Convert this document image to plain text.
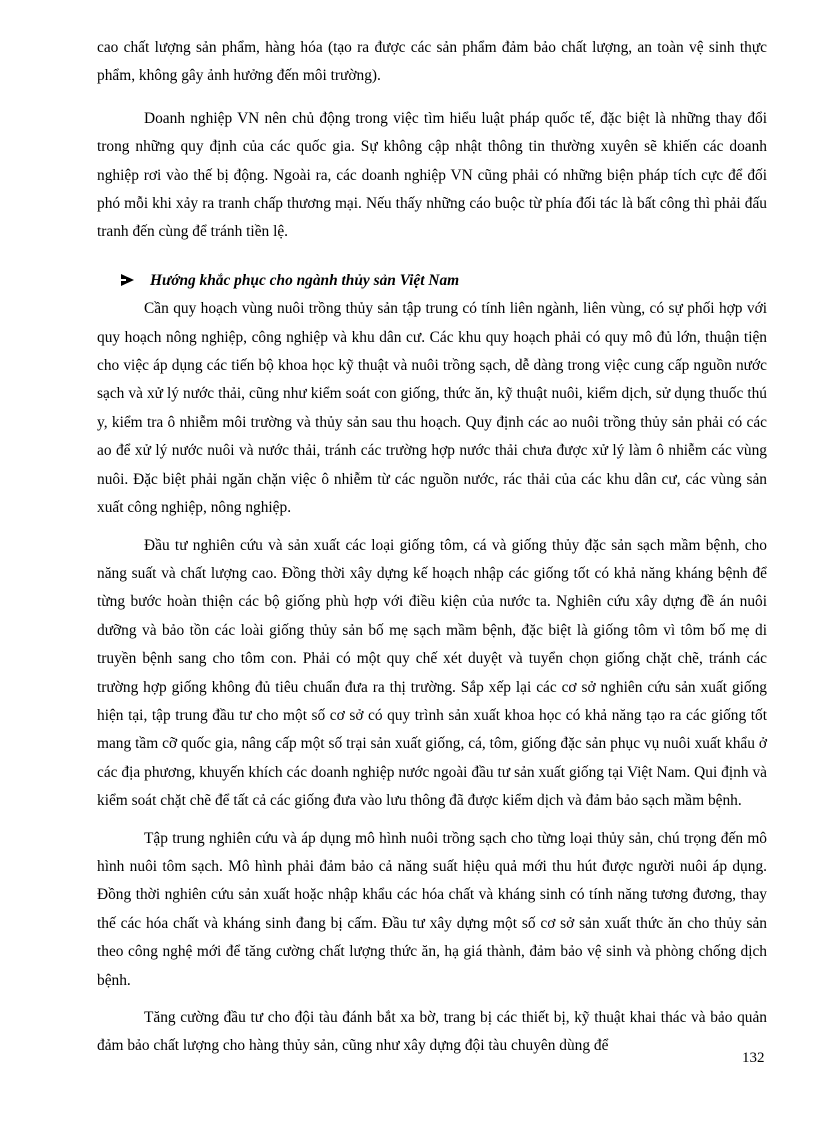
cao chất lượng sản phẩm, hàng hóa (tạo ra được các sản phẩm đảm bảo chất lượng, an toàn vệ sinh thực phẩm, không gây ảnh hưởng đến môi trường).

Doanh nghiệp VN nên chủ động trong việc tìm hiểu luật pháp quốc tế, đặc biệt là những thay đổi trong những quy định của các quốc gia. Sự không cập nhật thông tin thường xuyên sẽ khiến các doanh nghiệp rơi vào thế bị động. Ngoài ra, các doanh nghiệp VN cũng phải có những biện pháp tích cực để đối phó mỗi khi xảy ra tranh chấp thương mại. Nếu thấy những cáo buộc từ phía đối tác là bất công thì phải đấu tranh đến cùng để tránh tiền lệ.

Hướng khắc phục cho ngành thủy sản Việt Nam

Cần quy hoạch vùng nuôi trồng thủy sản tập trung có tính liên ngành, liên vùng, có sự phối hợp với quy hoạch nông nghiệp, công nghiệp và khu dân cư. Các khu quy hoạch phải có quy mô đủ lớn, thuận tiện cho việc áp dụng các tiến bộ khoa học kỹ thuật và nuôi trồng sạch, dễ dàng trong việc cung cấp nguồn nước sạch và xử lý nước thải, cũng như kiểm soát con giống, thức ăn, kỹ thuật nuôi, kiểm dịch, sử dụng thuốc thú y, kiểm tra ô nhiễm môi trường và thủy sản sau thu hoạch. Quy định các ao nuôi trồng thủy sản phải có các ao để xử lý nước nuôi và nước thải, tránh các trường hợp nước thải chưa được xử lý làm ô nhiễm các vùng nuôi. Đặc biệt phải ngăn chặn việc ô nhiễm từ các nguồn nước, rác thải của các khu dân cư, các vùng sản xuất công nghiệp, nông nghiệp.

Đầu tư nghiên cứu và sản xuất các loại giống tôm, cá và giống thủy đặc sản sạch mầm bệnh, cho năng suất và chất lượng cao. Đồng thời xây dựng kế hoạch nhập các giống tốt có khả năng kháng bệnh để từng bước hoàn thiện các bộ giống phù hợp với điều kiện của nước ta. Nghiên cứu xây dựng đề án nuôi dưỡng và bảo tồn các loài giống thủy sản bố mẹ sạch mầm bệnh, đặc biệt là giống tôm vì tôm bố mẹ di truyền bệnh sang cho tôm con. Phải có một quy chế xét duyệt và tuyển chọn giống chặt chẽ, tránh các trường hợp giống không đủ tiêu chuẩn đưa ra thị trường. Sắp xếp lại các cơ sở nghiên cứu sản xuất giống hiện tại, tập trung đầu tư cho một số cơ sở có quy trình sản xuất khoa học có khả năng tạo ra các giống tốt mang tầm cỡ quốc gia, nâng cấp một số trại sản xuất giống, cá, tôm, giống đặc sản phục vụ nuôi xuất khẩu ở các địa phương, khuyến khích các doanh nghiệp nước ngoài đầu tư sản xuất giống tại Việt Nam. Qui định và kiểm soát chặt chẽ để tất cả các giống đưa vào lưu thông đã được kiểm dịch và đảm bảo sạch mầm bệnh.

Tập trung nghiên cứu và áp dụng mô hình nuôi trồng sạch cho từng loại thủy sản, chú trọng đến mô hình nuôi tôm sạch. Mô hình phải đảm bảo cả năng suất hiệu quả mới thu hút được người nuôi áp dụng. Đồng thời nghiên cứu sản xuất hoặc nhập khẩu các hóa chất và kháng sinh có tính năng tương đương, thay thế các hóa chất và kháng sinh đang bị cấm. Đầu tư xây dựng một số cơ sở sản xuất thức ăn cho thủy sản theo công nghệ mới để tăng cường chất lượng thức ăn, hạ giá thành, đảm bảo vệ sinh và phòng chống dịch bệnh.

Tăng cường đầu tư cho đội tàu đánh bắt xa bờ, trang bị các thiết bị, kỹ thuật khai thác và bảo quản đảm bảo chất lượng cho hàng thủy sản, cũng như xây dựng đội tàu chuyên dùng để

132
